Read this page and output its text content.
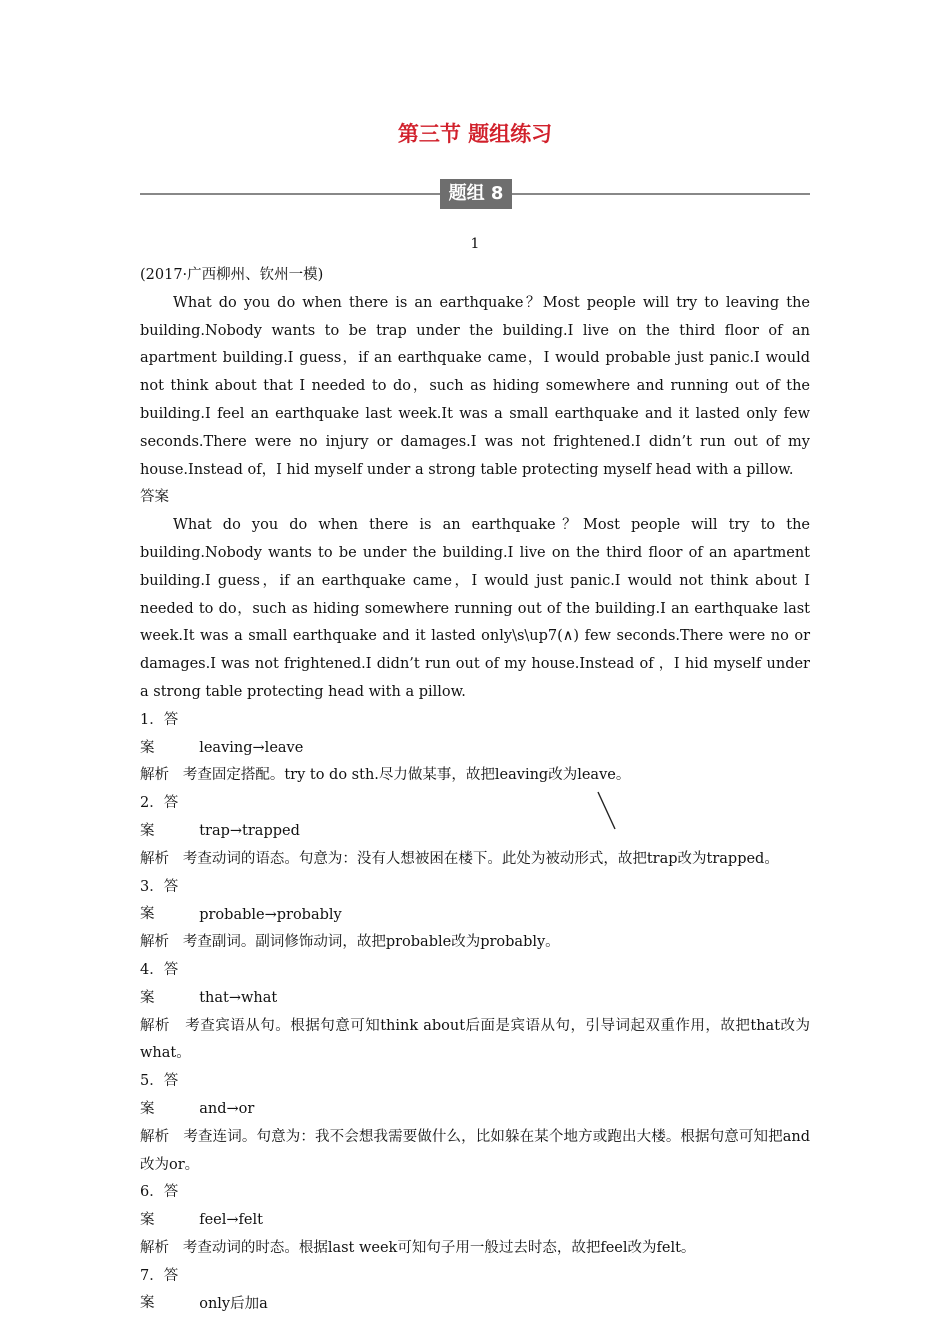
第三节 题组练习
题组 8
1

(2017·广西柳州、钦州一模)

What do you do when there is an earthquake？Most people will try to leaving the building.Nobody wants to be trap under the building.I live on the third floor of an apartment building.I guess，if an earthquake came，I would probable just panic.I would not think about that I needed to do，such as hiding somewhere and running out of the building.I feel an earthquake last week.It was a small earthquake and it lasted only few seconds.There were no injury or damages.I was not frightened.I didn’t run out of my house.Instead of，I hid myself under a strong table protecting myself head with a pillow.

答案

What do you do when there is an earthquake？Most people will try to the building.Nobody wants to be under the building.I live on the third floor of an apartment building.I guess，if an earthquake came，I would just panic.I would not think about I needed to do，such as hiding somewhere running out of the building.I an earthquake last week.It was a small earthquake and it lasted only\s\up7(∧) few seconds.There were no or damages.I was not frightened.I didn’t run out of my house.Instead of ，I hid myself under a strong table protecting head with a pillow.

1．答案	leaving→leave

解析 考查固定搭配。try to do sth.尽力做某事，故把leaving改为leave。

2．答案	trap→trapped

解析 考查动词的语态。句意为：没有人想被困在楼下。此处为被动形式，故把trap改为trapped。

3．答案	probable→probably

解析 考查副词。副词修饰动词，故把probable改为probably。

4．答案	that→what

解析 考查宾语从句。根据句意可知think about后面是宾语从句，引导词起双重作用，故把that改为what。

5．答案	and→or

解析 考查连词。句意为：我不会想我需要做什么，比如躲在某个地方或跑出大楼。根据句意可知把and改为or。

6．答案	feel→felt

解析 考查动词的时态。根据last week可知句子用一般过去时态，故把feel改为felt。

7．答案	only后加a
